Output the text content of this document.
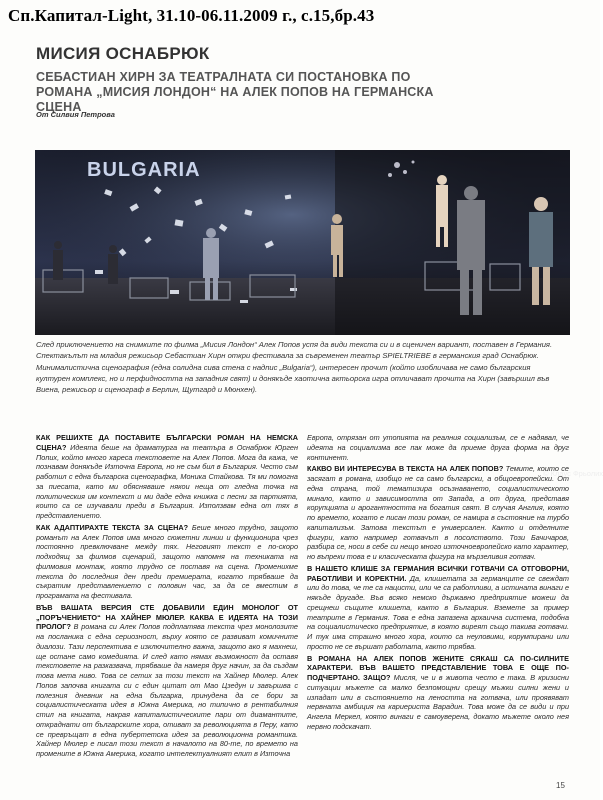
Сп.Капитал-Light, 31.10-06.11.2009 г., с.15,бр.43
МИСИЯ ОСНАБРЮК
СЕБАСТИАН ХИРН ЗА ТЕАТРАЛНАТА СИ ПОСТАНОВКА ПО РОМАНА „МИСИЯ ЛОНДОН“ НА АЛЕК ПОПОВ НА ГЕРМАНСКА СЦЕНА
От Силвия Петрова
BULGARIA
© Клаус Фрьолих
След приключението на снимките по филма „Мисия Лондон“ Алек Попов успя да види текста си и в сценичен вариант, поставен в Германия. Спектакълът на младия режисьор Себастиан Хирн откри фестивала за съвременен театър SPIELTRIEBE в германския град Оснабрюк. Минималистична сценография (една солидна сива стена с надпис „Bulgaria“), интересен прочит (който изобличава не само българския културен комплекс, но и перфидността на западния свят) и донякъде хаотична актьорска игра отличават прочита на Хирн (завършил във Виена, режисьор и сценограф в Берлин, Щутгард и Мюнхен).

КАК РЕШИХТЕ ДА ПОСТАВИТЕ БЪЛГАРСКИ РОМАН НА НЕМСКА СЦЕНА? Идеята беше на драматурга на театъра в Оснабрюк Юрген Попих, който много хареса текстовете на Алек Попов. Мога да кажа, че познавам донякъде Източна Европа, но не съм бил в България. Често съм работил с една българска сценографка, Моника Стайкова. Тя ми помогна за пиесата, като ми обясняваше някои неща от гледна точка на политическия им контекст и ми даде една книжка с песни за партията, които са се изучавали преди в България. Използвам една от тях в представлението.

КАК АДАПТИРАХТЕ ТЕКСТА ЗА СЦЕНА? Беше много трудно, защото романът на Алек Попов има много сюжетни линии и функционира чрез постоянно превключване между тях. Неговият текст е по-скоро подходящ за филмов сценарий, защото напомня на техниката на филмовия монтаж, която трудно се поставя на сцена. Променихме текста до последния ден преди премиерата, когато трябваше да съкратим представлението с половин час, за да се вместим в програмата на фестивала.

ВЪВ ВАШАТА ВЕРСИЯ СТЕ ДОБАВИЛИ ЕДИН МОНОЛОГ ОТ „ПОРЪЧЕНИЕТО“ НА ХАЙНЕР МЮЛЕР. КАКВА Е ИДЕЯТА НА ТОЗИ ПРОЛОГ? В романа си Алек Попов подплатява текста чрез монолозите на посланика с една сериозност, върху която се развиват комичните диалози. Тази перспектива е изключително важна, защото ако я махнеш, ще остане само комедията. И след като нямах възможност да оставя текстовете на разказвача, трябваше да намеря друг начин, за да създам това мета ниво. Това се сетих за този текст на Хайнер Мюлер. Алек Попов започва книгата си с един цитат от Мао Цзедун и завършва с полезния дневник на една българка, принудена да се бори за социалистическата идея в Южна Америка, но типично в рентабилния стил на книгата, накрая капиталистическите пари от диамантите, откраднати от българските хора, отиват за революцията в Перу, като се превръщат в една пубертетска идея за революционна романтика. Хайнер Мюлер е писал този текст в началото на 80-те, по времето на промените в Южна Америка, когато интелектуалният елит в Източна

Европа, отрязан от утопията на реалния социализъм, се е надявал, че идеята на социализма все пак може да приеме друга форма на друг континент.

КАКВО ВИ ИНТЕРЕСУВА В ТЕКСТА НА АЛЕК ПОПОВ? Темите, които се засягат в романа, изобщо не са само български, а общоевропейски. От една страна, той тематизира осъзнаването, социалистическото минало, както и зависимостта от Запада, а от друга, представя корупцията и арогантността на богатия свят. В случая Англия, която по времето, когато е писан този роман, се намира в състояние на турбо капитализъм. Затова текстът е универсален. Както и отделните фигури, като например готвачът в посолството. Този Бачичаров, разбира се, носи в себе си нещо много източноевропейско като характер, но въпреки това е и класическата фигура на мързеливия готвач.

В НАШЕТО КЛИШЕ ЗА ГЕРМАНИЯ ВСИЧКИ ГОТВАЧИ СА ОТГОВОРНИ, РАБОТЛИВИ И КОРЕКТНИ. Да, клишетата за германците се свеждат или до това, че те са нацисти, или че са работливи, а истината винаги е някъде другаде. Във всяко немско държавно предприятие можеш да срещнеш същите клишета, както в България. Вземете за пример театрите в Германия. Това е една запазена архаична система, подобна на социалистическо предприятие, в която виреят също такива готвачи. И тук има страшно много хора, които са неуловими, корумпирани или просто не се вършат работата, както трябва.

В РОМАНА НА АЛЕК ПОПОВ ЖЕНИТЕ СЯКАШ СА ПО-СИЛНИТЕ ХАРАКТЕРИ. ВЪВ ВАШЕТО ПРЕДСТАВЛЕНИЕ ТОВА Е ОЩЕ ПО-ПОДЧЕРТАНО. ЗАЩО? Мисля, че и в живота често е така. В кризисни ситуации мъжете са малко безпомощни срещу мъжки силни жени и изпадат или в състоянието на леността на готвача, или проявяват нервната амбиция на кариериста Варадин. Това може да се види и при Ангела Меркел, която винаги е самоуверена, докато мъжете около нея нервно подскачат.

15
